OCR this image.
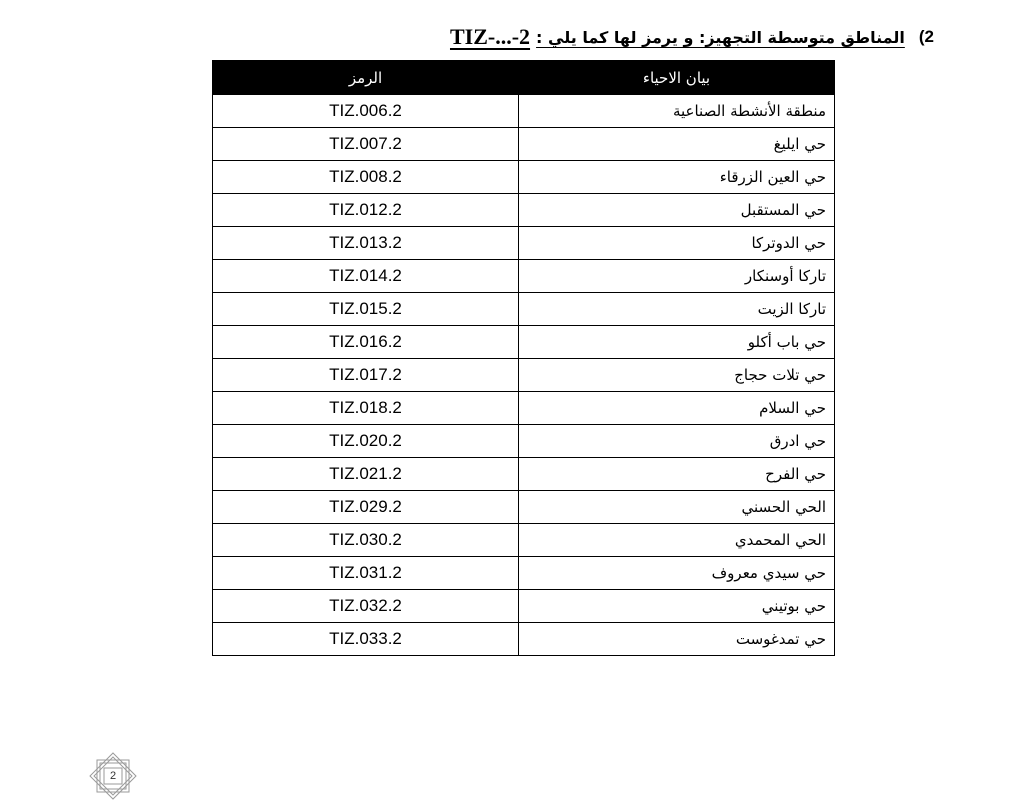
2)
المناطق متوسطة التجهيز: و يرمز لها كما يلي :
TIZ-...-2
بيان الاحياء	الرمز
منطقة الأنشطة الصناعية	TIZ.006.2
حي ايليغ	TIZ.007.2
حي العين الزرقاء	TIZ.008.2
حي المستقبل	TIZ.012.2
حي الدوتركا	TIZ.013.2
تاركا أوسنكار	TIZ.014.2
تاركا الزيت	TIZ.015.2
حي باب أكلو	TIZ.016.2
حي تلات حجاج	TIZ.017.2
حي السلام	TIZ.018.2
حي ادرق	TIZ.020.2
حي الفرح	TIZ.021.2
الحي الحسني	TIZ.029.2
الحي المحمدي	TIZ.030.2
حي سيدي معروف	TIZ.031.2
حي بوتيني	TIZ.032.2
حي تمدغوست	TIZ.033.2
2
